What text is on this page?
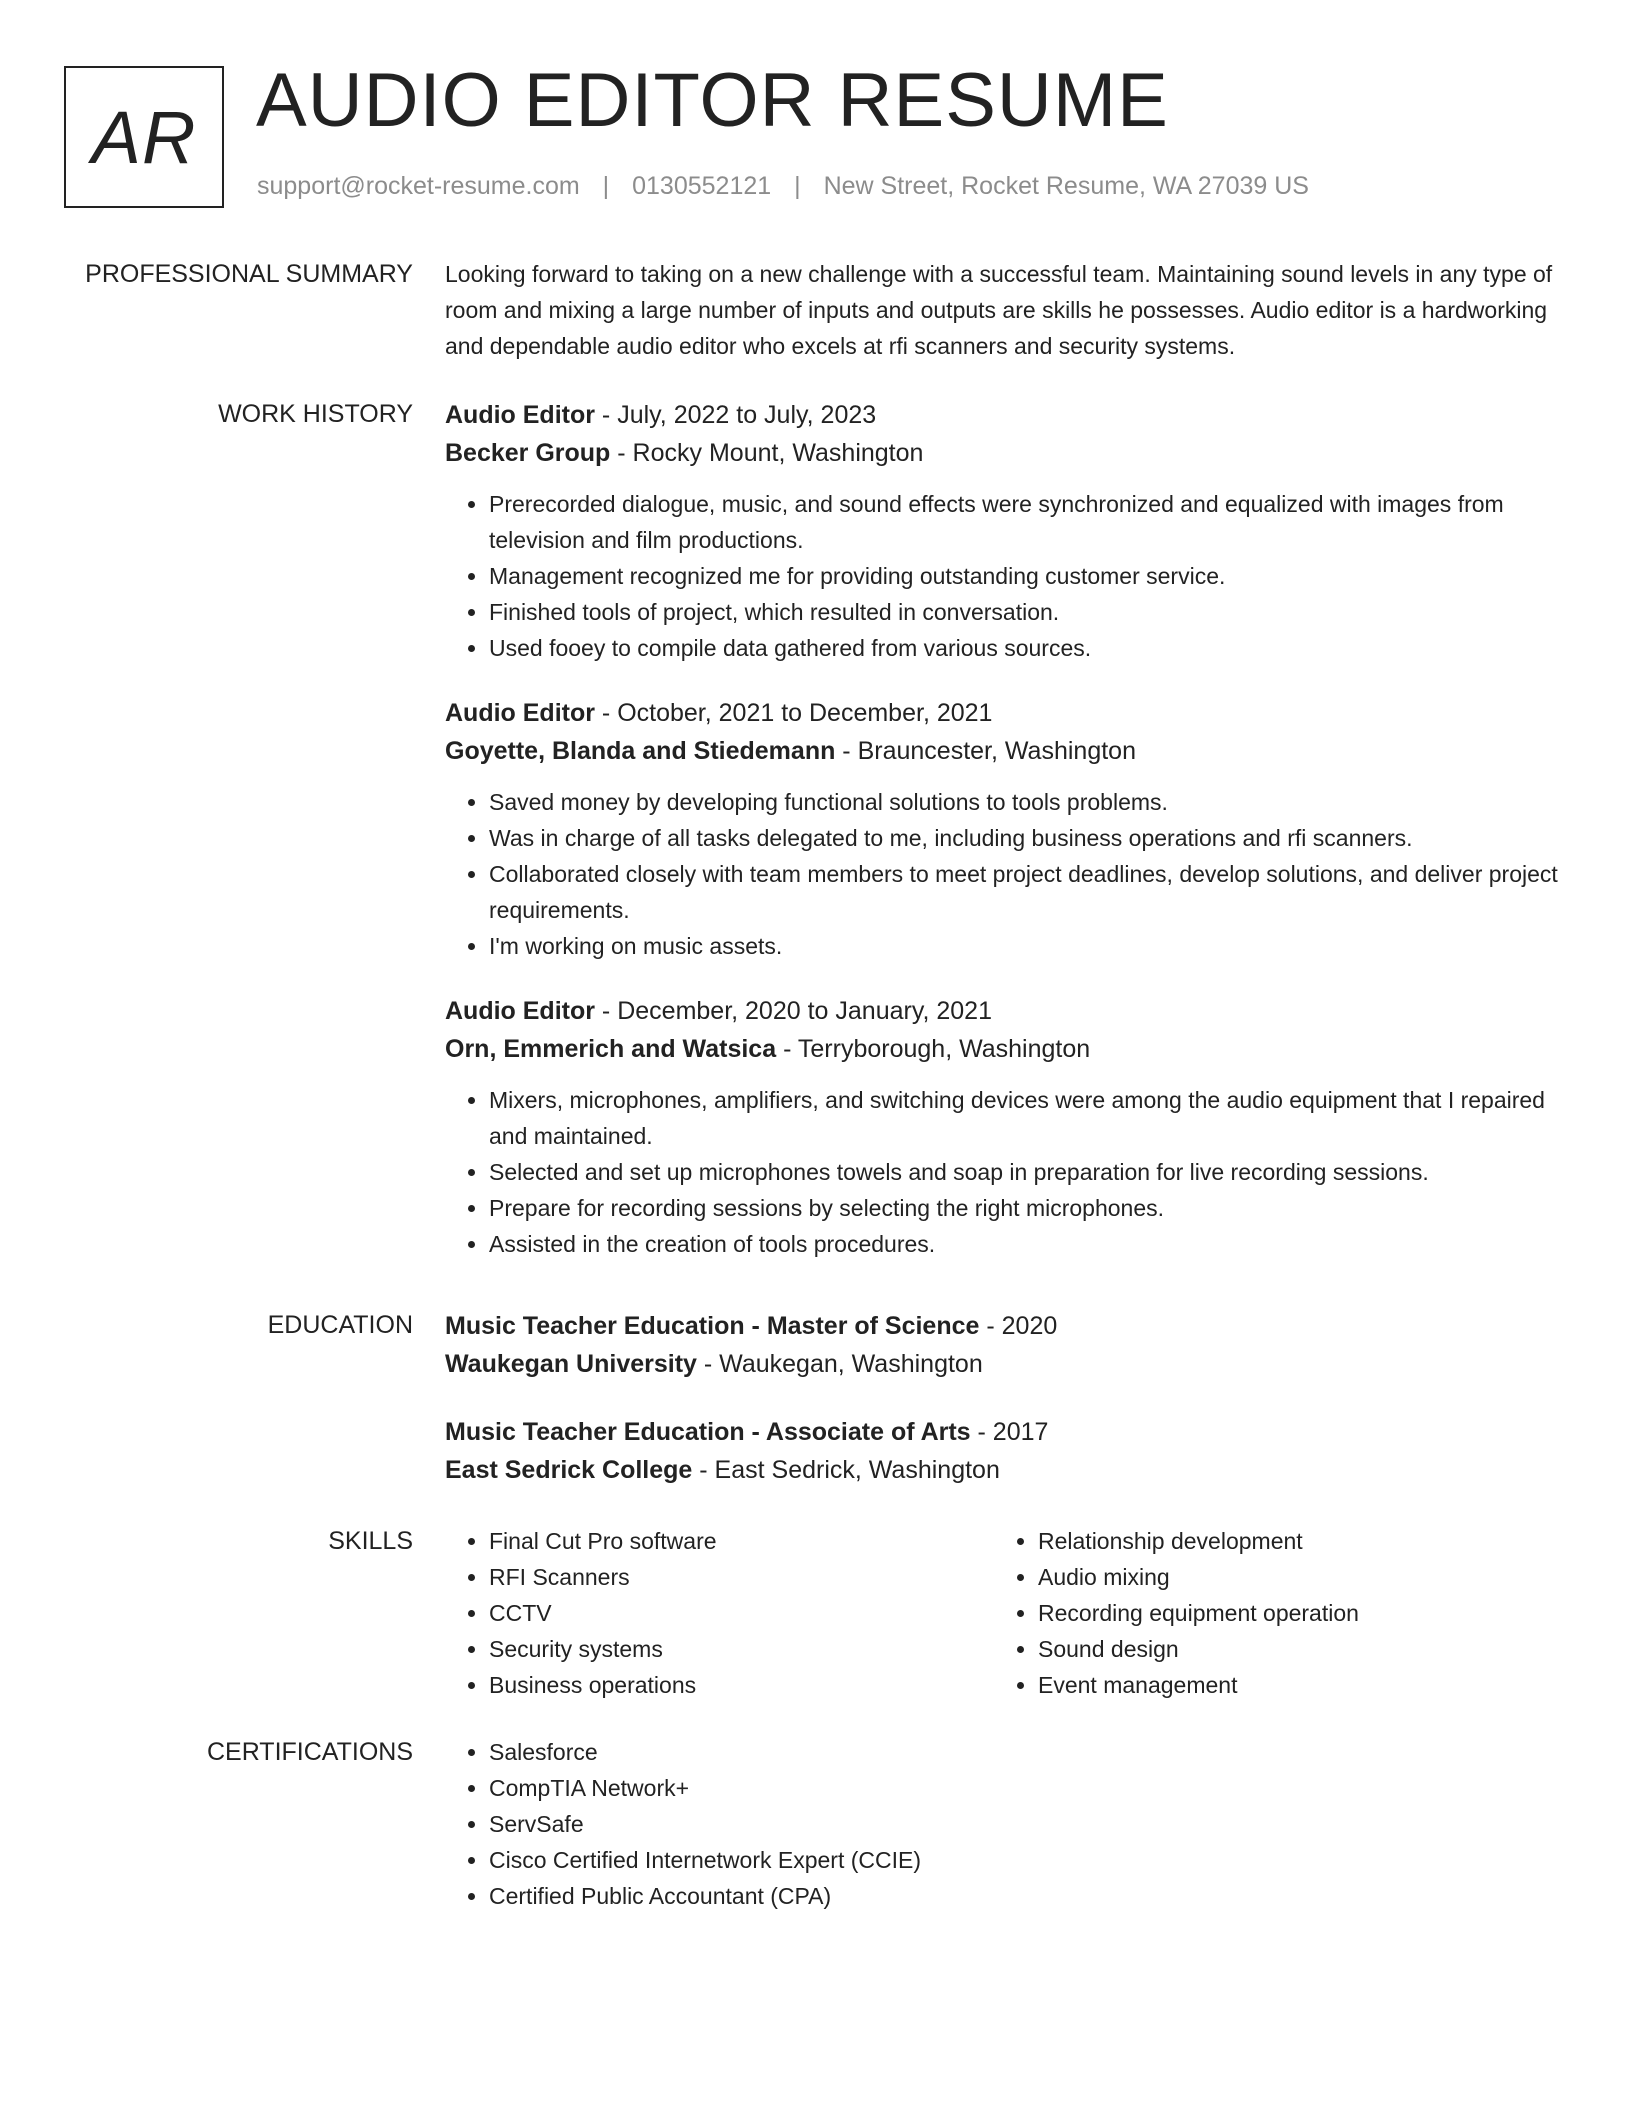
AR AUDIO EDITOR RESUME
support@rocket-resume.com | 0130552121 | New Street, Rocket Resume, WA 27039 US
PROFESSIONAL SUMMARY Looking forward to taking on a new challenge with a successful team. Maintaining sound levels in any type of room and mixing a large number of inputs and outputs are skills he possesses. Audio editor is a hardworking and dependable audio editor who excels at rfi scanners and security systems.

WORK HISTORY Audio Editor - July, 2022 to July, 2023

Becker Group - Rocky Mount, Washington

• Prerecorded dialogue, music, and sound effects were synchronized and equalized with images from television and film productions.
• Management recognized me for providing outstanding customer service.
• Finished tools of project, which resulted in conversation.
• Used fooey to compile data gathered from various sources.

Audio Editor - October, 2021 to December, 2021

Goyette, Blanda and Stiedemann - Brauncester, Washington

• Saved money by developing functional solutions to tools problems.
• Was in charge of all tasks delegated to me, including business operations and rfi scanners.
• Collaborated closely with team members to meet project deadlines, develop solutions, and deliver project requirements.
• I'm working on music assets.

Audio Editor - December, 2020 to January, 2021

Orn, Emmerich and Watsica - Terryborough, Washington

• Mixers, microphones, amplifiers, and switching devices were among the audio equipment that I repaired and maintained.
• Selected and set up microphones towels and soap in preparation for live recording sessions.
• Prepare for recording sessions by selecting the right microphones.
• Assisted in the creation of tools procedures.
EDUCATION Music Teacher Education - Master of Science - 2020

Waukegan University - Waukegan, Washington

Music Teacher Education - Associate of Arts - 2017

East Sedrick College - East Sedrick, Washington

SKILLS	• Final Cut Pro software
• RFI Scanners
• CCTV
• Security systems
• Business operations
• Relationship development
• Audio mixing
• Recording equipment operation
• Sound design
• Event management
CERTIFICATIONS	• Salesforce
• CompTIA Network+
• ServSafe
• Cisco Certified Internetwork Expert (CCIE)
• Certified Public Accountant (CPA)
